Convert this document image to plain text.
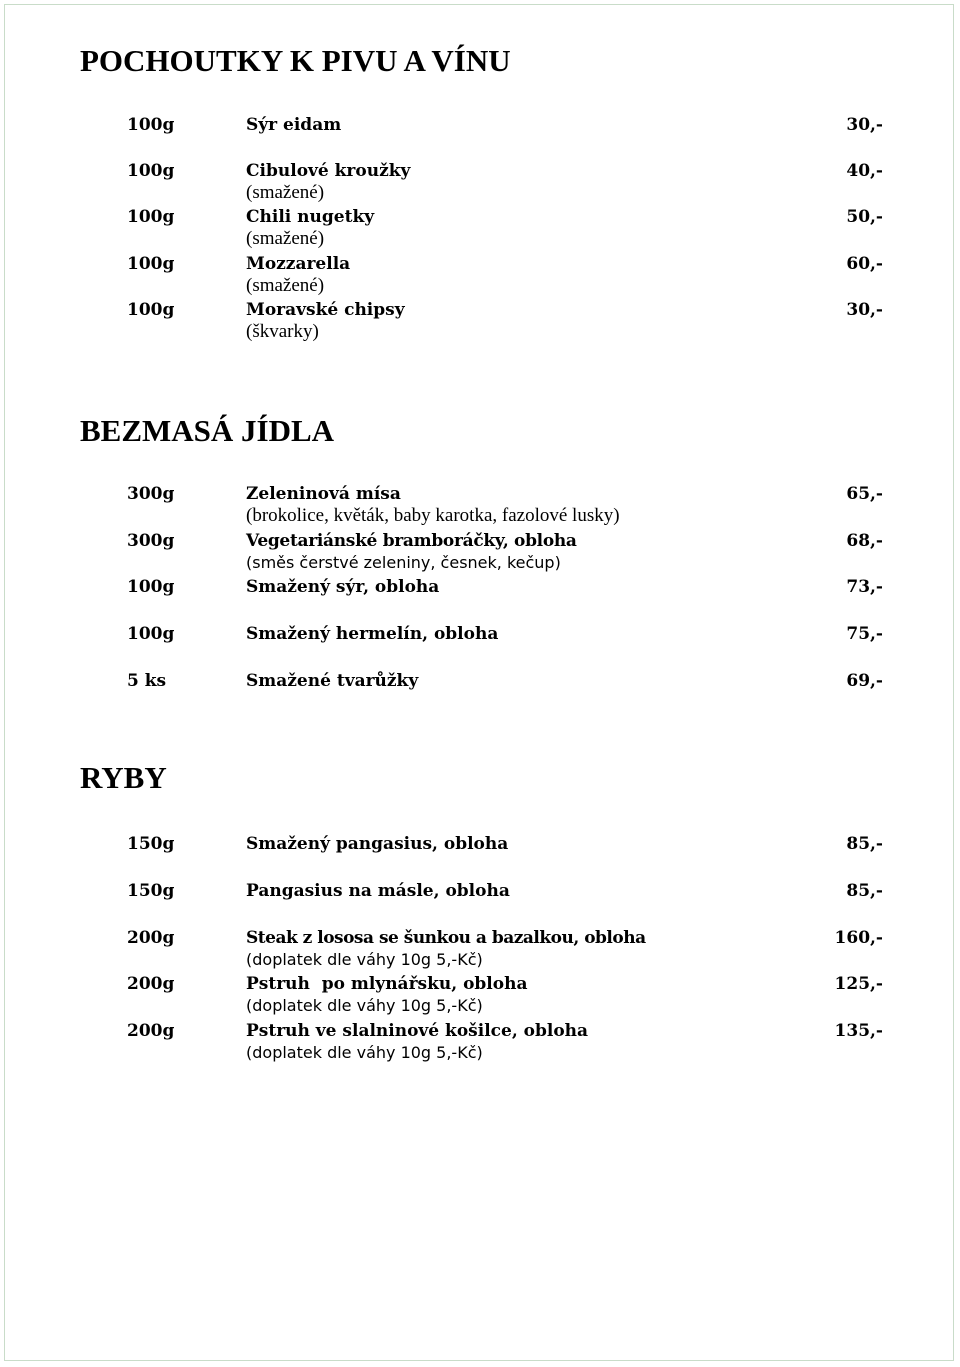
POCHOUTKY K PIVU A VÍNU
100g	Sýr eidam	30,-
100g	Cibulové kroužky	40,-
(smažené)
100g	Chili nugetky	50,-
(smažené)
100g	Mozzarella	60,-
(smažené)
100g	Moravské chipsy	30,-
(škvarky)
BEZMASÁ JÍDLA
300g	Zeleninová mísa	65,-
(brokolice, květák, baby karotka, fazolové lusky)
300g	Vegetariánské bramboráčky, obloha	68,-
(směs čerstvé zeleniny, česnek, kečup)
100g	Smažený sýr, obloha	73,-
100g	Smažený hermelín, obloha	75,-
5 ks	Smažené tvarůžky	69,-
RYBY
150g	Smažený pangasius, obloha	85,-
150g	Pangasius na másle, obloha	85,-
200g	Steak z lososa se šunkou a bazalkou, obloha	160,-
(doplatek dle váhy 10g 5,-Kč)
200g	Pstruh  po mlynářsku, obloha	125,-
(doplatek dle váhy 10g 5,-Kč)
200g	Pstruh ve slalninové košilce, obloha	135,-
(doplatek dle váhy 10g 5,-Kč)
